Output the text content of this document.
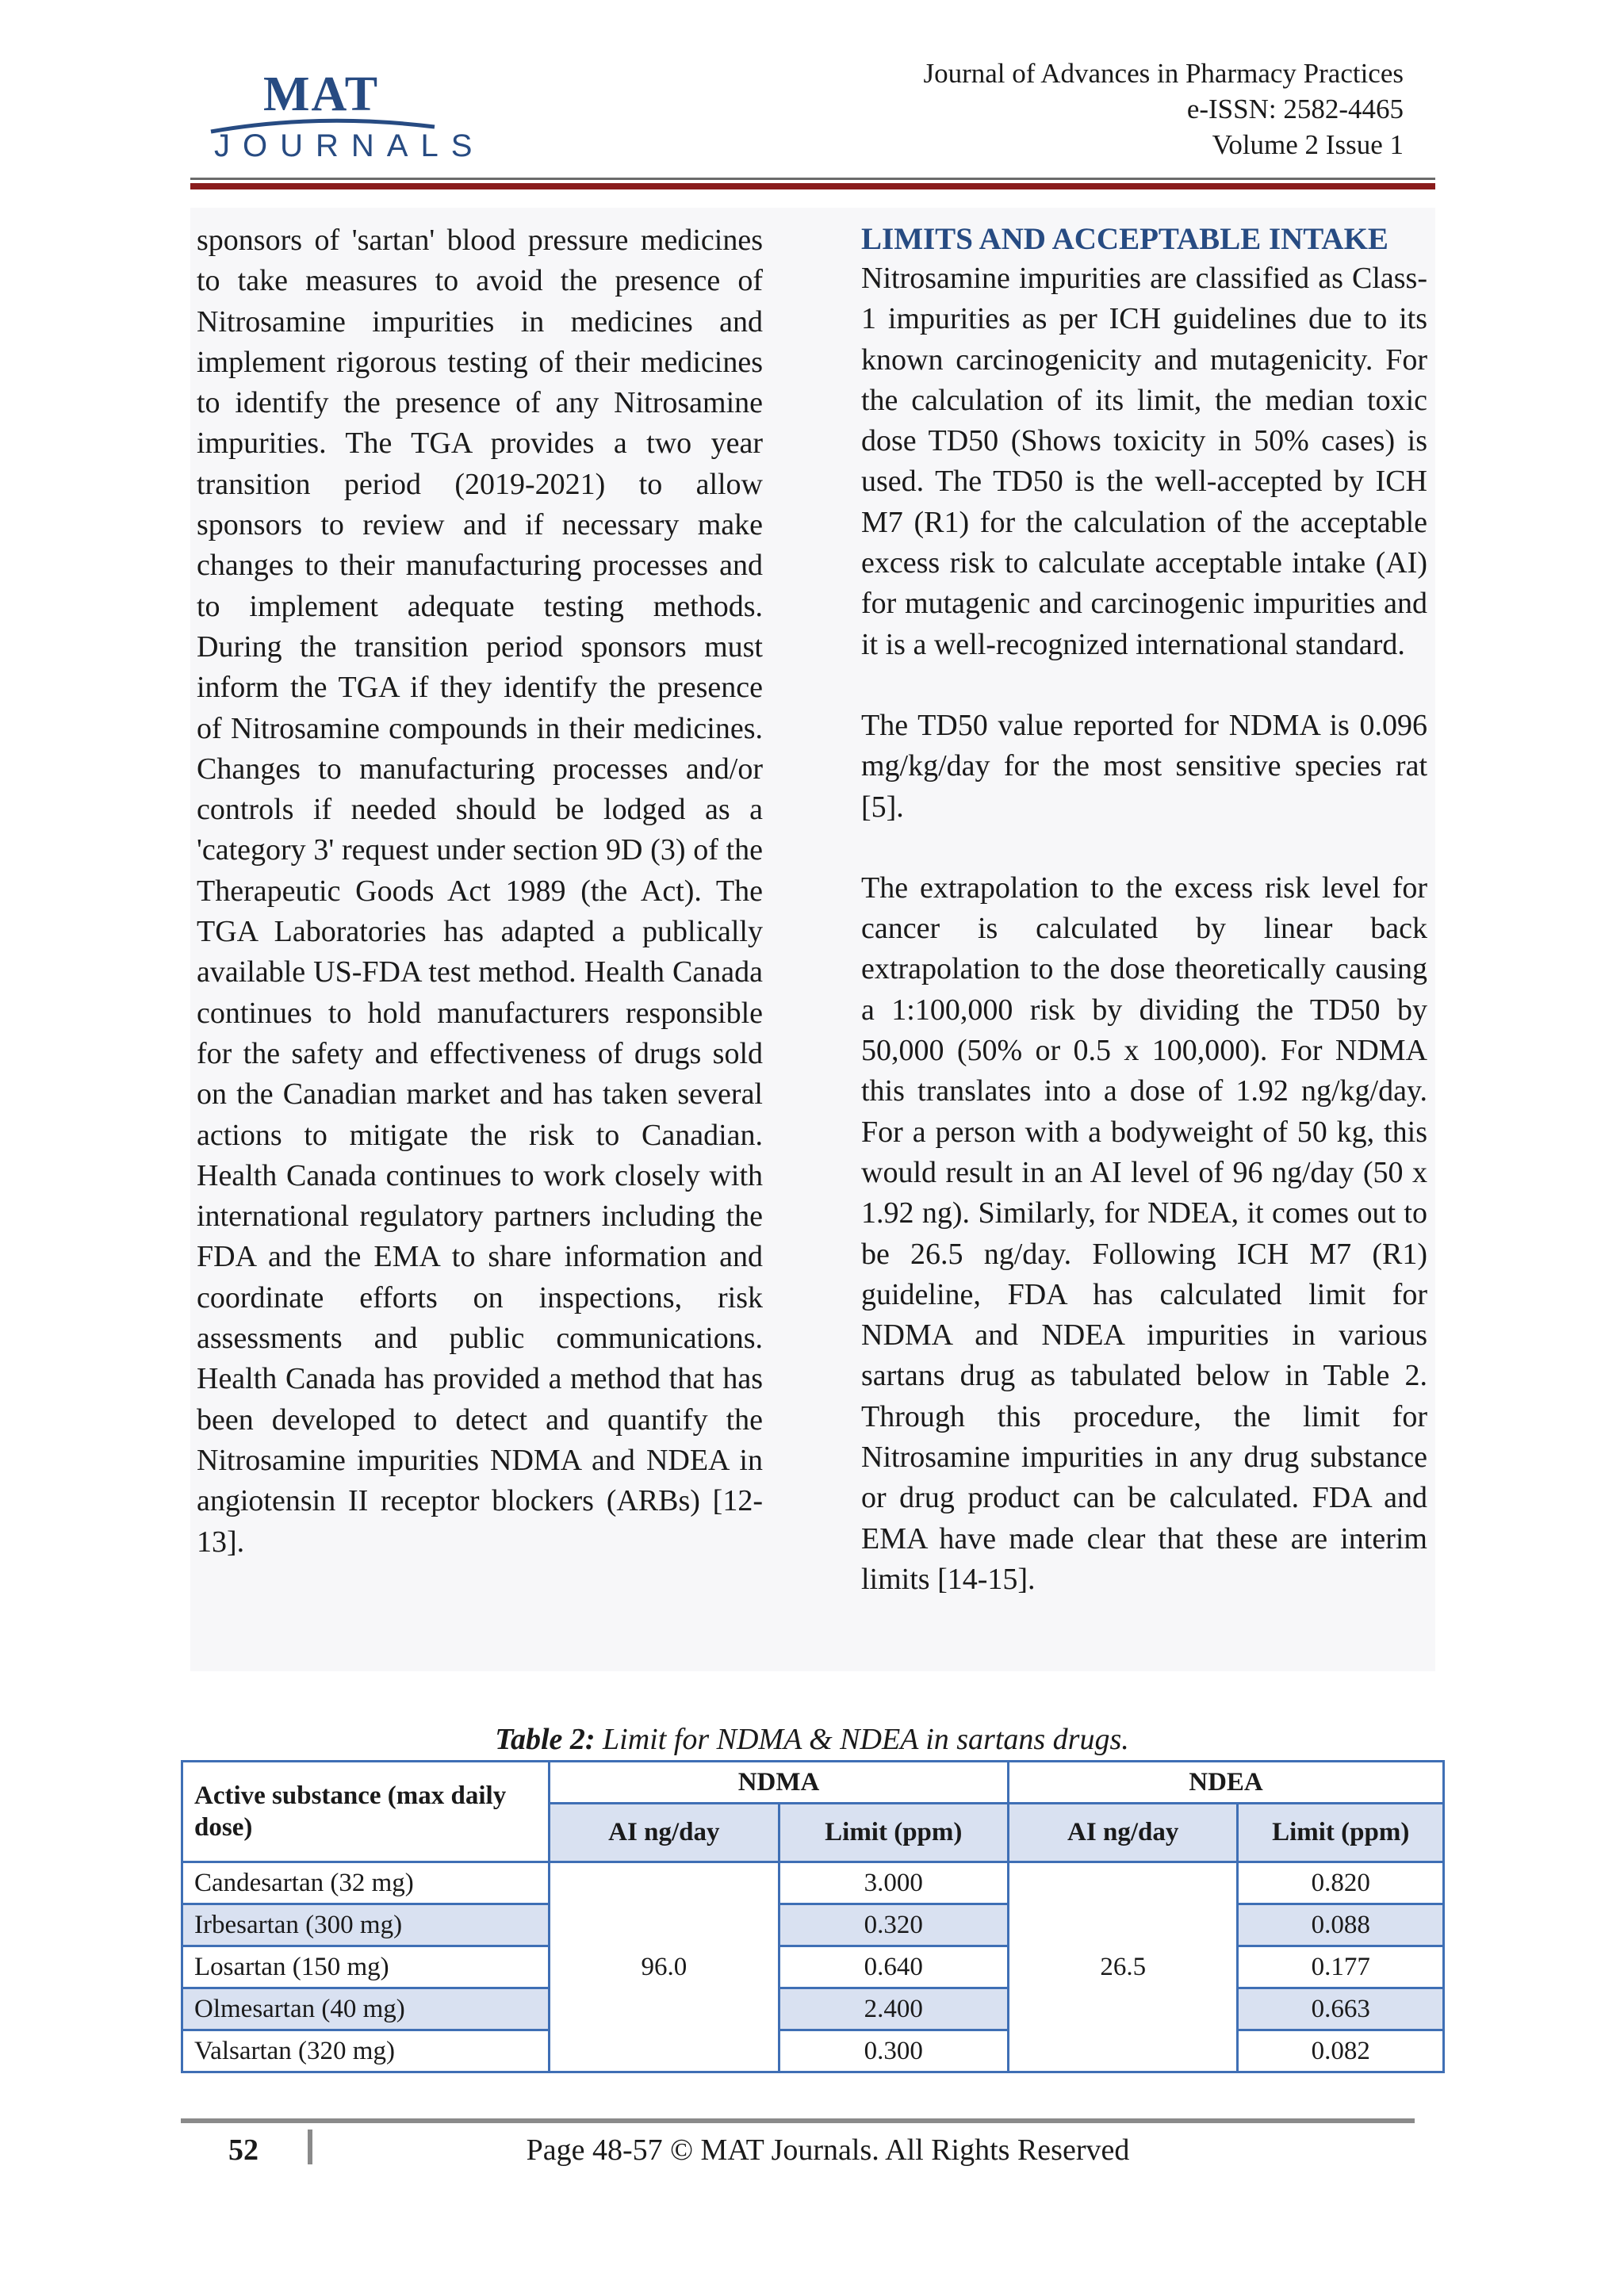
MAT
JOURNALS
Journal of Advances in Pharmacy Practices
e-ISSN: 2582-4465
Volume 2 Issue 1

sponsors of 'sartan' blood pressure medicines to take measures to avoid the presence of Nitrosamine impurities in medicines and implement rigorous testing of their medicines to identify the presence of any Nitrosamine impurities. The TGA provides a two year transition period (2019-2021) to allow sponsors to review and if necessary make changes to their manufacturing processes and to implement adequate testing methods. During the transition period sponsors must inform the TGA if they identify the presence of Nitrosamine compounds in their medicines. Changes to manufacturing processes and/or controls if needed should be lodged as a 'category 3' request under section 9D (3) of the Therapeutic Goods Act 1989 (the Act). The TGA Laboratories has adapted a publically available US-FDA test method. Health Canada continues to hold manufacturers responsible for the safety and effectiveness of drugs sold on the Canadian market and has taken several actions to mitigate the risk to Canadian. Health Canada continues to work closely with international regulatory partners including the FDA and the EMA to share information and coordinate efforts on inspections, risk assessments and public communications. Health Canada has provided a method that has been developed to detect and quantify the Nitrosamine impurities NDMA and NDEA in angiotensin II receptor blockers (ARBs) [12-13].

LIMITS AND ACCEPTABLE INTAKE

Nitrosamine impurities are classified as Class-1 impurities as per ICH guidelines due to its known carcinogenicity and mutagenicity. For the calculation of its limit, the median toxic dose TD50 (Shows toxicity in 50% cases) is used. The TD50 is the well-accepted by ICH M7 (R1) for the calculation of the acceptable excess risk to calculate acceptable intake (AI) for mutagenic and carcinogenic impurities and it is a well-recognized international standard.

The TD50 value reported for NDMA is 0.096 mg/kg/day for the most sensitive species rat [5].

The extrapolation to the excess risk level for cancer is calculated by linear back extrapolation to the dose theoretically causing a 1:100,000 risk by dividing the TD50 by 50,000 (50% or 0.5 x 100,000). For NDMA this translates into a dose of 1.92 ng/kg/day. For a person with a bodyweight of 50 kg, this would result in an AI level of 96 ng/day (50 x 1.92 ng). Similarly, for NDEA, it comes out to be 26.5 ng/day. Following ICH M7 (R1) guideline, FDA has calculated limit for NDMA and NDEA impurities in various sartans drug as tabulated below in Table 2. Through this procedure, the limit for Nitrosamine impurities in any drug substance or drug product can be calculated. FDA and EMA have made clear that these are interim limits [14-15].

Table 2: Limit for NDMA & NDEA in sartans drugs.
Active substance (max daily dose)	NDMA		NDEA	
	AI ng/day	Limit (ppm)	AI ng/day	Limit (ppm)
Candesartan (32 mg)	96.0	3.000	26.5	0.820
Irbesartan (300 mg)		0.320		0.088
Losartan (150 mg)		0.640		0.177
Olmesartan (40 mg)		2.400		0.663
Valsartan (320 mg)		0.300		0.082
52	Page 48-57 © MAT Journals. All Rights Reserved
